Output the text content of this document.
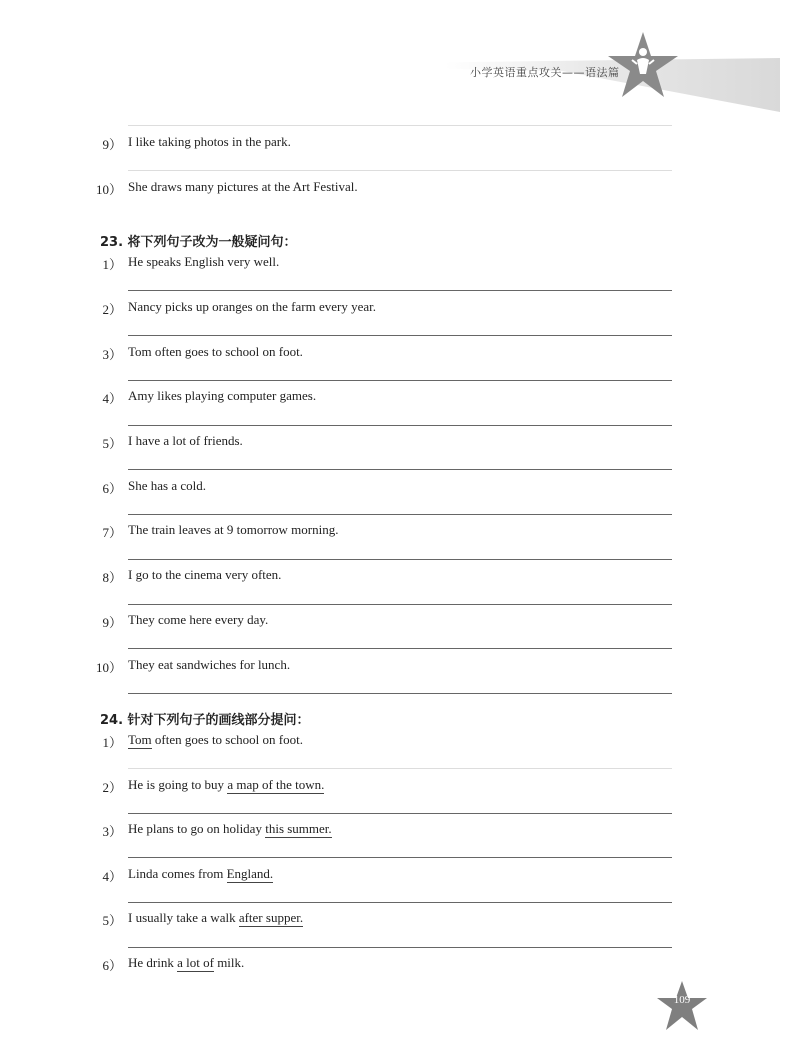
小学英语重点攻关——语法篇
9） I like taking photos in the park.
10） She draws many pictures at the Art Festival.
23. 将下列句子改为一般疑问句：
1） He speaks English very well.
2） Nancy picks up oranges on the farm every year.
3） Tom often goes to school on foot.
4） Amy likes playing computer games.
5） I have a lot of friends.
6） She has a cold.
7） The train leaves at 9 tomorrow morning.
8） I go to the cinema very often.
9） They come here every day.
10） They eat sandwiches for lunch.
24. 针对下列句子的画线部分提问：
1） Tom often goes to school on foot.
2） He is going to buy a map of the town.
3） He plans to go on holiday this summer.
4） Linda comes from England.
5） I usually take a walk after supper.
6） He drink a lot of milk.
109
